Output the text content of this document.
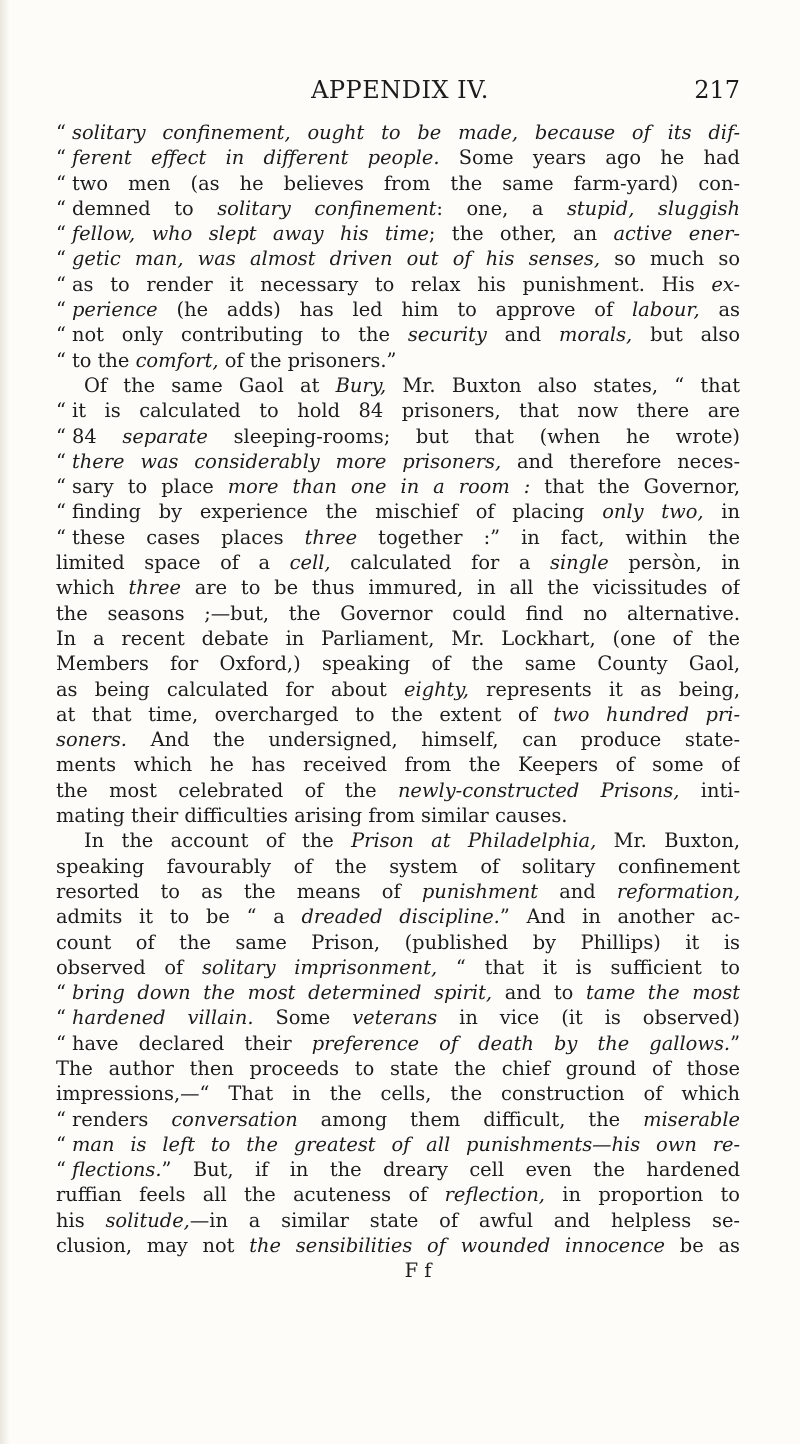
APPENDIX IV.	217
“solitary confinement, ought to be made, because of its dif-
“ferent effect in different people. Some years ago he had
“two men (as he believes from the same farm-yard) con-
“demned to solitary confinement: one, a stupid, sluggish
“fellow, who slept away his time; the other, an active ener-
“getic man, was almost driven out of his senses, so much so
“as to render it necessary to relax his punishment. His ex-
“perience (he adds) has led him to approve of labour, as
“not only contributing to the security and morals, but also
“to the comfort, of the prisoners.”
Of the same Gaol at Bury, Mr. Buxton also states, “ that
“it is calculated to hold 84 prisoners, that now there are
“84 separate sleeping-rooms; but that (when he wrote)
“there was considerably more prisoners, and therefore neces-
“sary to place more than one in a room : that the Governor,
“finding by experience the mischief of placing only two, in
“these cases places three together :” in fact, within the
limited space of a cell, calculated for a single persòn, in
which three are to be thus immured, in all the vicissitudes of
the seasons ;—but, the Governor could find no alternative.
In a recent debate in Parliament, Mr. Lockhart, (one of the
Members for Oxford,) speaking of the same County Gaol,
as being calculated for about eighty, represents it as being,
at that time, overcharged to the extent of two hundred pri-
soners. And the undersigned, himself, can produce state-
ments which he has received from the Keepers of some of
the most celebrated of the newly-constructed Prisons, inti-
mating their difficulties arising from similar causes.
In the account of the Prison at Philadelphia, Mr. Buxton,
speaking favourably of the system of solitary confinement
resorted to as the means of punishment and reformation,
admits it to be “ a dreaded discipline.” And in another ac-
count of the same Prison, (published by Phillips) it is
observed of solitary imprisonment, “ that it is sufficient to
“bring down the most determined spirit, and to tame the most
“hardened villain. Some veterans in vice (it is observed)
“have declared their preference of death by the gallows.”
The author then proceeds to state the chief ground of those
impressions,—“ That in the cells, the construction of which
“renders conversation among them difficult, the miserable
“man is left to the greatest of all punishments—his own re-
“flections.” But, if in the dreary cell even the hardened
ruffian feels all the acuteness of reflection, in proportion to
his solitude,—in a similar state of awful and helpless se-
clusion, may not the sensibilities of wounded innocence be as
F f
